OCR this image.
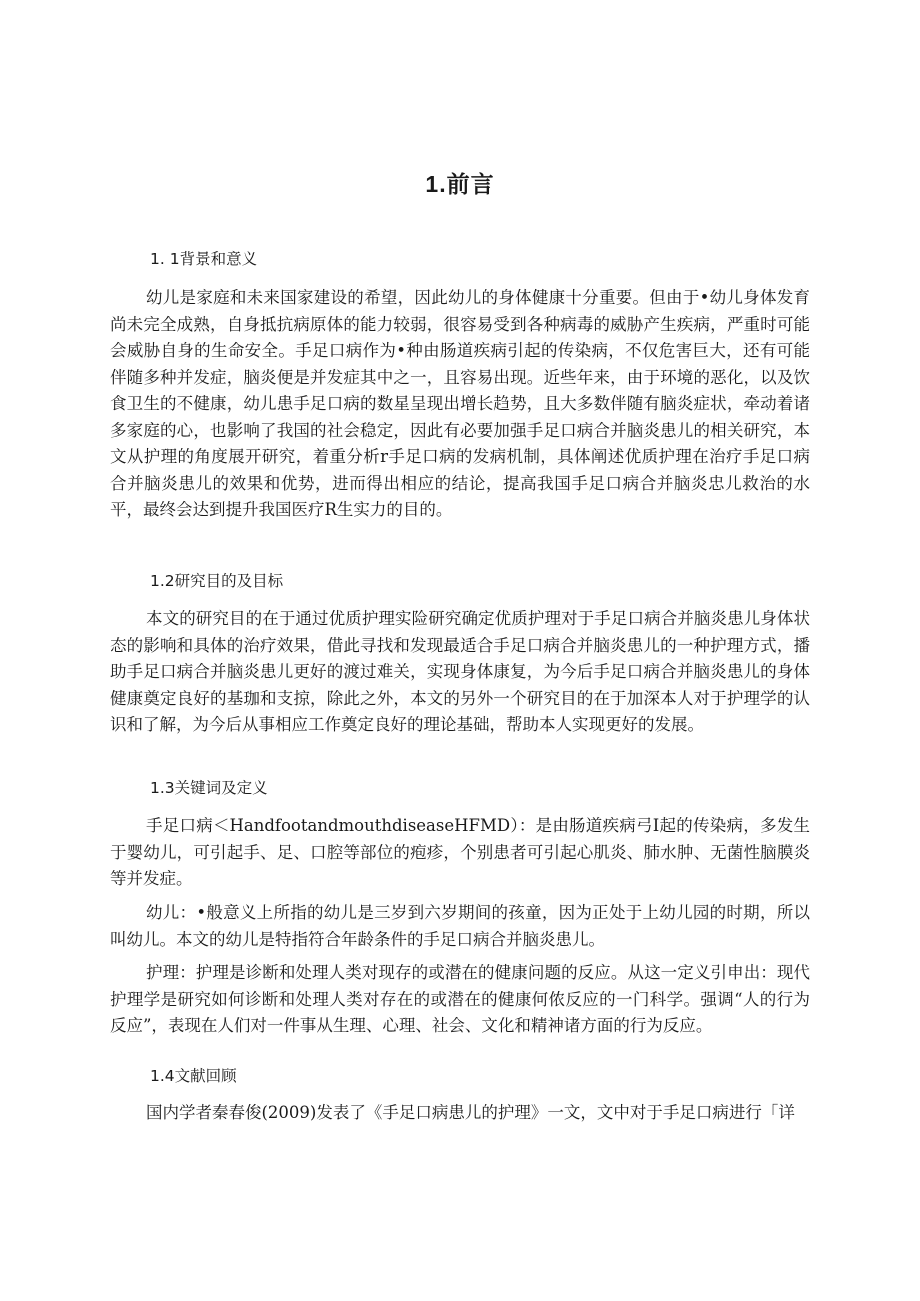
1.前言
1. 1背景和意义

幼儿是家庭和未来国家建设的希望，因此幼儿的身体健康十分重要。但由于•幼儿身体发育尚未完全成熟，自身抵抗病原体的能力较弱，很容易受到各种病毒的威胁产生疾病，严重时可能会威胁自身的生命安全。手足口病作为•种由肠道疾病引起的传染病，不仅危害巨大，还有可能伴随多种并发症，脑炎便是并发症其中之一，且容易出现。近些年来，由于环境的恶化，以及饮食卫生的不健康，幼儿患手足口病的数星呈现出增长趋势，且大多数伴随有脑炎症状，牵动着诸多家庭的心，也影响了我国的社会稳定，因此有必要加强手足口病合并脑炎患儿的相关研究，本文从护理的角度展开研究，着重分析r手足口病的发病机制，具体阐述优质护理在治疗手足口病合并脑炎患儿的效果和优势，进而得出相应的结论，提高我国手足口病合并脑炎忠儿救治的水平，最终会达到提升我国医疗R生实力的目的。

1.2研究目的及目标

本文的研究目的在于通过优质护理实险研究确定优质护理对于手足口病合并脑炎患儿身体状态的影响和具体的治疗效果，借此寻找和发现最适合手足口病合并脑炎患儿的一种护理方式，播助手足口病合并脑炎患儿更好的渡过难关，实现身体康复，为今后手足口病合并脑炎患儿的身体健康奠定良好的基珈和支掠，除此之外，本文的另外一个研究目的在于加深本人对于护理学的认识和了解，为今后从事相应工作奠定良好的理论基础，帮助本人实现更好的发展。

1.3关键词及定义

手足口病＜HandfootandmouthdiseaseHFMD）：是由肠道疾病弓I起的传染病，多发生于婴幼儿，可引起手、足、口腔等部位的疱疹，个别患者可引起心肌炎、肺水肿、无菌性脑膜炎等并发症。

幼儿：•般意义上所指的幼儿是三岁到六岁期间的孩童，因为正处于上幼儿园的时期，所以叫幼儿。本文的幼儿是特指符合年龄条件的手足口病合并脑炎患儿。

护理：护理是诊断和处理人类对现存的或潜在的健康问题的反应。从这一定义引申出：现代护理学是研究如何诊断和处理人类对存在的或潜在的健康何侬反应的一门科学。强调“人的行为反应”，表现在人们对一件事从生理、心理、社会、文化和精神诸方面的行为反应。

1.4文献回顾

国内学者秦春俊(2009)发表了《手足口病患儿的护理》一文，文中对于手足口病进行「详
